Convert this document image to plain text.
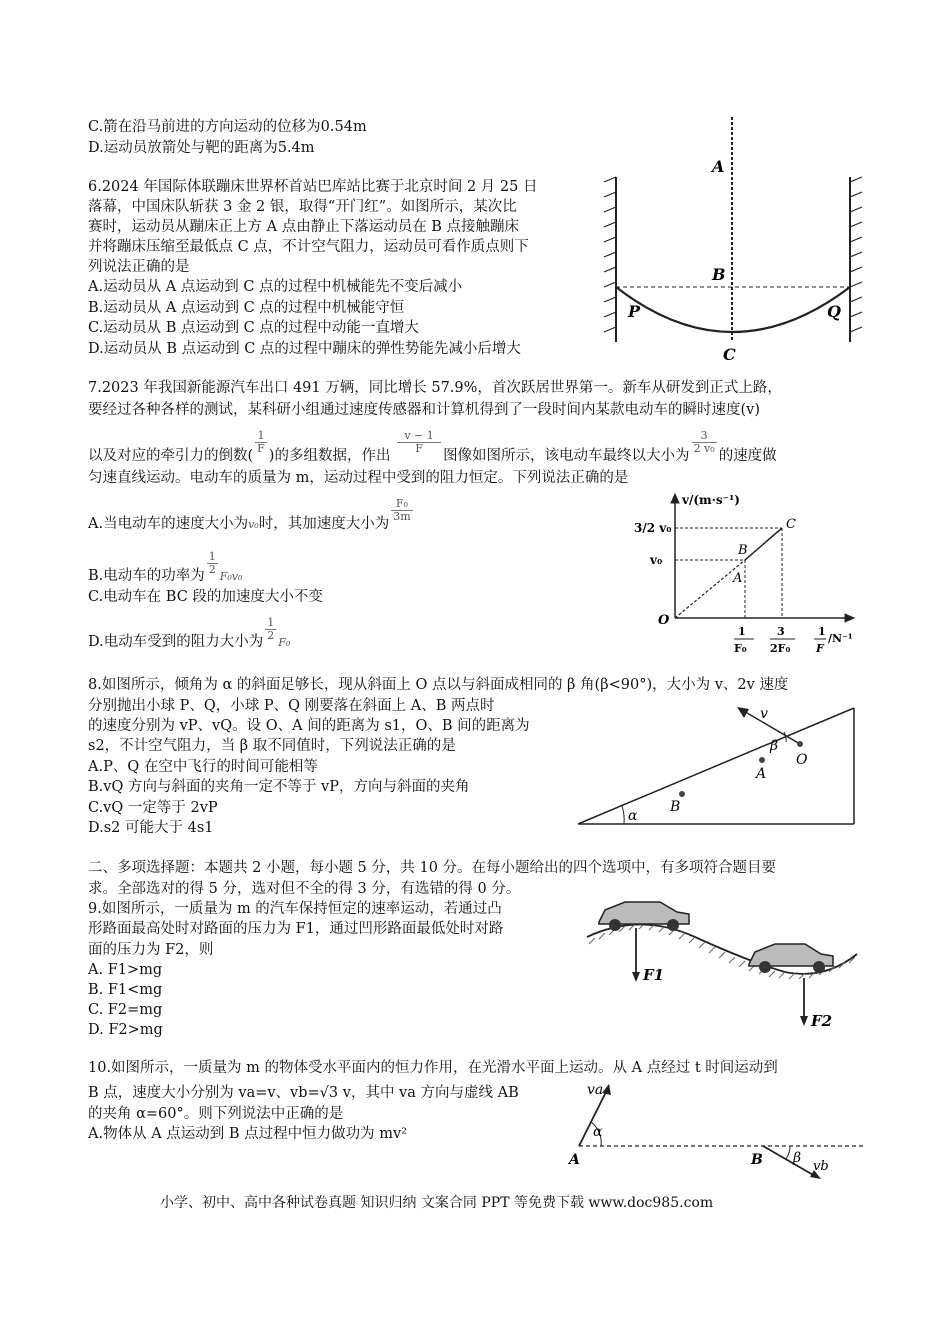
C.箭在沿马前进的方向运动的位移为0.54m
D.运动员放箭处与靶的距离为5.4m
6.2024 年国际体联蹦床世界杯首站巴库站比赛于北京时间 2 月 25 日
落幕，中国床队斩获 3 金 2 银，取得“开门红”。如图所示，某次比
赛时，运动员从蹦床正上方 A 点由静止下落运动员在 B 点接触蹦床
并将蹦床压缩至最低点 C 点，不计空气阻力，运动员可看作质点则下
列说法正确的是
A.运动员从 A 点运动到 C 点的过程中机械能先不变后减小
B.运动员从 A 点运动到 C 点的过程中机械能守恒
C.运动员从 B 点运动到 C 点的过程中动能一直增大
D.运动员从 B 点运动到 C 点的过程中蹦床的弹性势能先减小后增大
A
B
C
P	Q
7.2023 年我国新能源汽车出口 491 万辆，同比增长 57.9%，首次跃居世界第一。新车从研发到正式上路，
要经过各种各样的测试，某科研小组通过速度传感器和计算机得到了一段时间内某款电动车的瞬时速度(v)
以及对应的牵引力的倒数(
$\frac{1}{F}$
)的多组数据，作出
$\frac{v - 1}{F}$
图像如图所示，该电动车最终以大小为
$\frac{3}{\text{2 v₀}}$
的速度做
匀速直线运动。电动车的质量为 m，运动过程中受到的阻力恒定。下列说法正确的是
A.当电动车的速度大小为v₀时，其加速度大小为
$\frac{\text{F₀}}{3m}$
B.电动车的功率为
$\frac{1}{2}$
F₀v₀
C.电动车在 BC 段的加速度大小不变
D.电动车受到的阻力大小为
$\frac{1}{2}$
F₀
v/(m·s⁻¹)
3/2 v₀
v₀
O
A
B
C
1
F₀
3
2F₀
1
F
/N⁻¹
8.如图所示，倾角为 α 的斜面足够长，现从斜面上 O 点以与斜面成相同的 β 角(β<90°)，大小为 v、2v 速度
分别抛出小球 P、Q，小球 P、Q 刚要落在斜面上 A、B 两点时
的速度分别为 vP、vQ。设 O、A 间的距离为 s1，O、B 间的距离为
s2，不计空气阻力，当 β 取不同值时，下列说法正确的是
A.P、Q 在空中飞行的时间可能相等
B.vQ 方向与斜面的夹角一定不等于 vP，方向与斜面的夹角
C.vQ 一定等于 2vP
D.s2 可能大于 4s1
v
β
O
A
B
α
二、多项选择题：本题共 2 小题，每小题 5 分，共 10 分。在每小题给出的四个选项中，有多项符合题目要
求。全部选对的得 5 分，选对但不全的得 3 分，有选错的得 0 分。
9.如图所示，一质量为 m 的汽车保持恒定的速率运动，若通过凸
形路面最高处时对路面的压力为 F1，通过凹形路面最低处时对路
面的压力为 F2，则
A. F1>mg
B. F1<mg
C. F2=mg
D. F2>mg
F1
F2
10.如图所示，一质量为 m 的物体受水平面内的恒力作用，在光滑水平面上运动。从 A 点经过 t 时间运动到
B 点，速度大小分别为 va=v、vb=√3 v，其中 va 方向与虚线 AB
的夹角 α=60°。则下列说法中正确的是
A.物体从 A 点运动到 B 点过程中恒力做功为 mv²
va
α
A	B β
vb
小学、初中、高中各种试卷真题 知识归纳 文案合同 PPT 等免费下载 www.doc985.com
